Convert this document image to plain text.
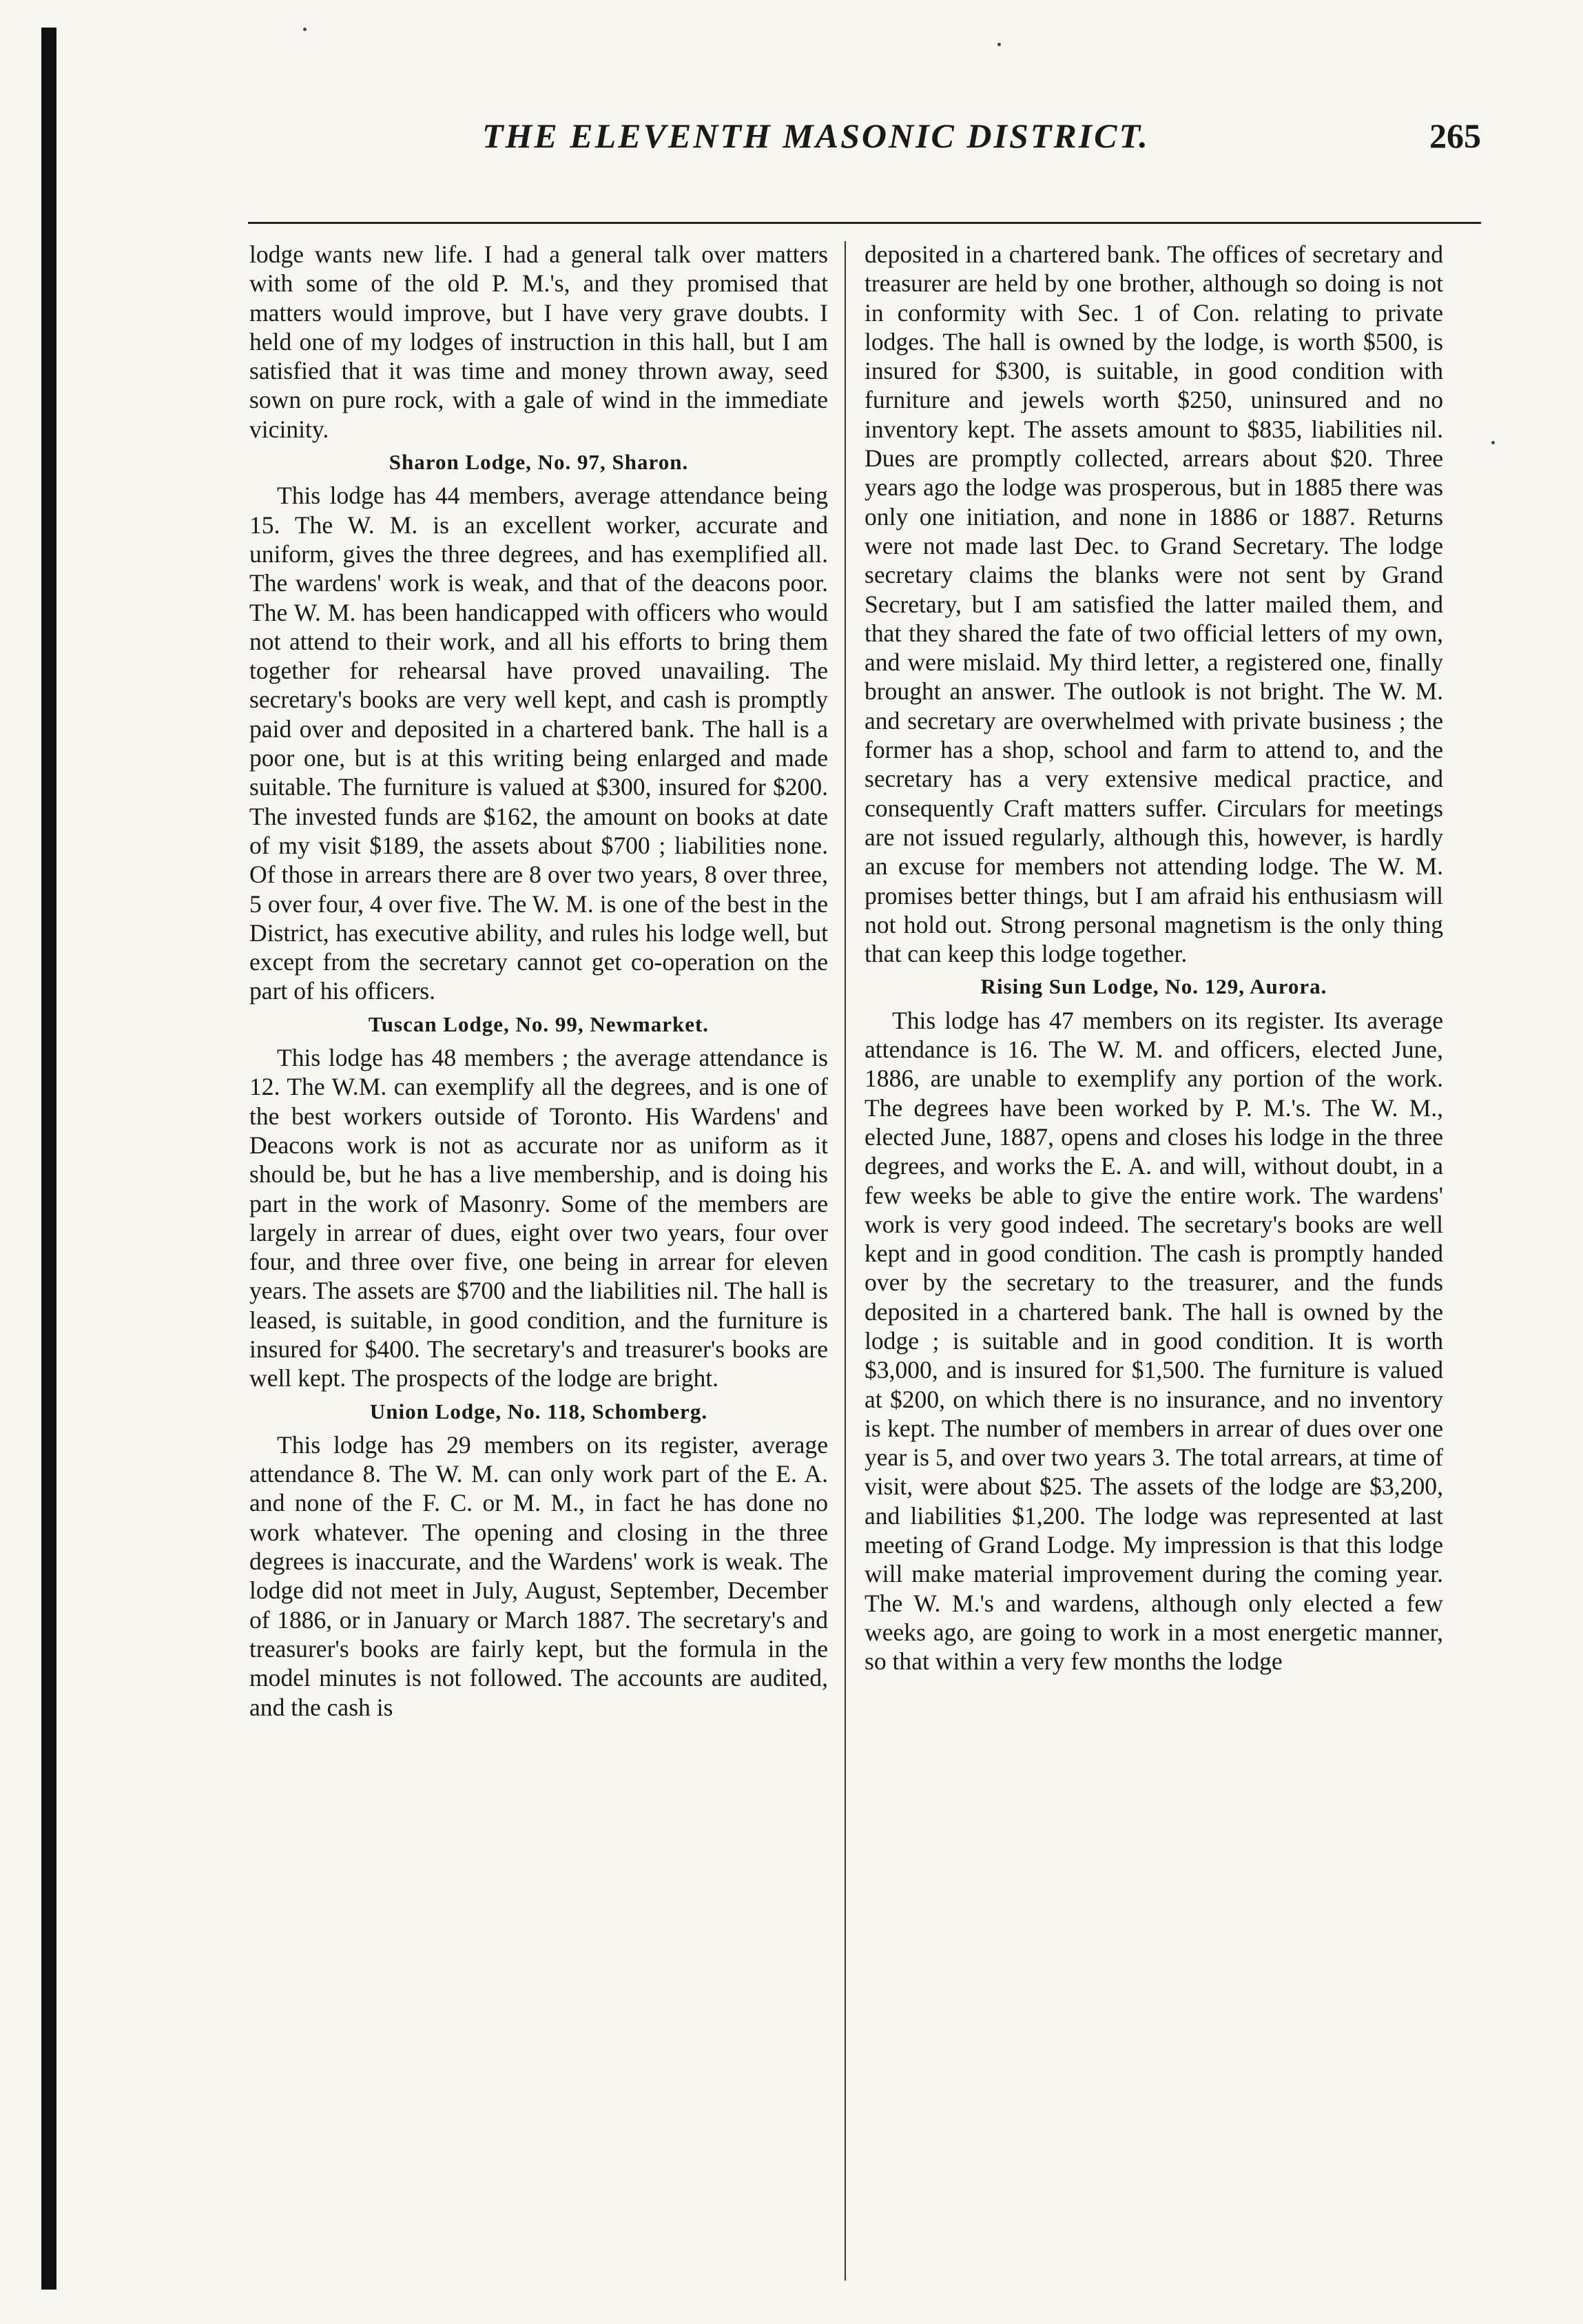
THE ELEVENTH MASONIC DISTRICT.	265

lodge wants new life. I had a general talk over matters with some of the old P. M.'s, and they promised that matters would improve, but I have very grave doubts. I held one of my lodges of instruction in this hall, but I am satisfied that it was time and money thrown away, seed sown on pure rock, with a gale of wind in the immediate vicinity.

Sharon Lodge, No. 97, Sharon.

This lodge has 44 members, average attendance being 15. The W. M. is an excellent worker, accurate and uniform, gives the three degrees, and has exemplified all. The wardens' work is weak, and that of the deacons poor. The W. M. has been handicapped with officers who would not attend to their work, and all his efforts to bring them together for rehearsal have proved unavailing. The secretary's books are very well kept, and cash is promptly paid over and deposited in a chartered bank. The hall is a poor one, but is at this writing being enlarged and made suitable. The furniture is valued at $300, insured for $200. The invested funds are $162, the amount on books at date of my visit $189, the assets about $700 ; liabilities none. Of those in arrears there are 8 over two years, 8 over three, 5 over four, 4 over five. The W. M. is one of the best in the District, has executive ability, and rules his lodge well, but except from the secretary cannot get co-operation on the part of his officers.

Tuscan Lodge, No. 99, Newmarket.

This lodge has 48 members ; the average attendance is 12. The W.M. can exemplify all the degrees, and is one of the best workers outside of Toronto. His Wardens' and Deacons work is not as accurate nor as uniform as it should be, but he has a live membership, and is doing his part in the work of Masonry. Some of the members are largely in arrear of dues, eight over two years, four over four, and three over five, one being in arrear for eleven years. The assets are $700 and the liabilities nil. The hall is leased, is suitable, in good condition, and the furniture is insured for $400. The secretary's and treasurer's books are well kept. The prospects of the lodge are bright.

Union Lodge, No. 118, Schomberg.

This lodge has 29 members on its register, average attendance 8. The W. M. can only work part of the E. A. and none of the F. C. or M. M., in fact he has done no work whatever. The opening and closing in the three degrees is inaccurate, and the Wardens' work is weak. The lodge did not meet in July, August, September, December of 1886, or in January or March 1887. The secretary's and treasurer's books are fairly kept, but the formula in the model minutes is not followed. The accounts are audited, and the cash is

deposited in a chartered bank. The offices of secretary and treasurer are held by one brother, although so doing is not in conformity with Sec. 1 of Con. relating to private lodges. The hall is owned by the lodge, is worth $500, is insured for $300, is suitable, in good condition with furniture and jewels worth $250, uninsured and no inventory kept. The assets amount to $835, liabilities nil. Dues are promptly collected, arrears about $20. Three years ago the lodge was prosperous, but in 1885 there was only one initiation, and none in 1886 or 1887. Returns were not made last Dec. to Grand Secretary. The lodge secretary claims the blanks were not sent by Grand Secretary, but I am satisfied the latter mailed them, and that they shared the fate of two official letters of my own, and were mislaid. My third letter, a registered one, finally brought an answer. The outlook is not bright. The W. M. and secretary are overwhelmed with private business ; the former has a shop, school and farm to attend to, and the secretary has a very extensive medical practice, and consequently Craft matters suffer. Circulars for meetings are not issued regularly, although this, however, is hardly an excuse for members not attending lodge. The W. M. promises better things, but I am afraid his enthusiasm will not hold out. Strong personal magnetism is the only thing that can keep this lodge together.

Rising Sun Lodge, No. 129, Aurora.

This lodge has 47 members on its register. Its average attendance is 16. The W. M. and officers, elected June, 1886, are unable to exemplify any portion of the work. The degrees have been worked by P. M.'s. The W. M., elected June, 1887, opens and closes his lodge in the three degrees, and works the E. A. and will, without doubt, in a few weeks be able to give the entire work. The wardens' work is very good indeed. The secretary's books are well kept and in good condition. The cash is promptly handed over by the secretary to the treasurer, and the funds deposited in a chartered bank. The hall is owned by the lodge ; is suitable and in good condition. It is worth $3,000, and is insured for $1,500. The furniture is valued at $200, on which there is no insurance, and no inventory is kept. The number of members in arrear of dues over one year is 5, and over two years 3. The total arrears, at time of visit, were about $25. The assets of the lodge are $3,200, and liabilities $1,200. The lodge was represented at last meeting of Grand Lodge. My impression is that this lodge will make material improvement during the coming year. The W. M.'s and wardens, although only elected a few weeks ago, are going to work in a most energetic manner, so that within a very few months the lodge
